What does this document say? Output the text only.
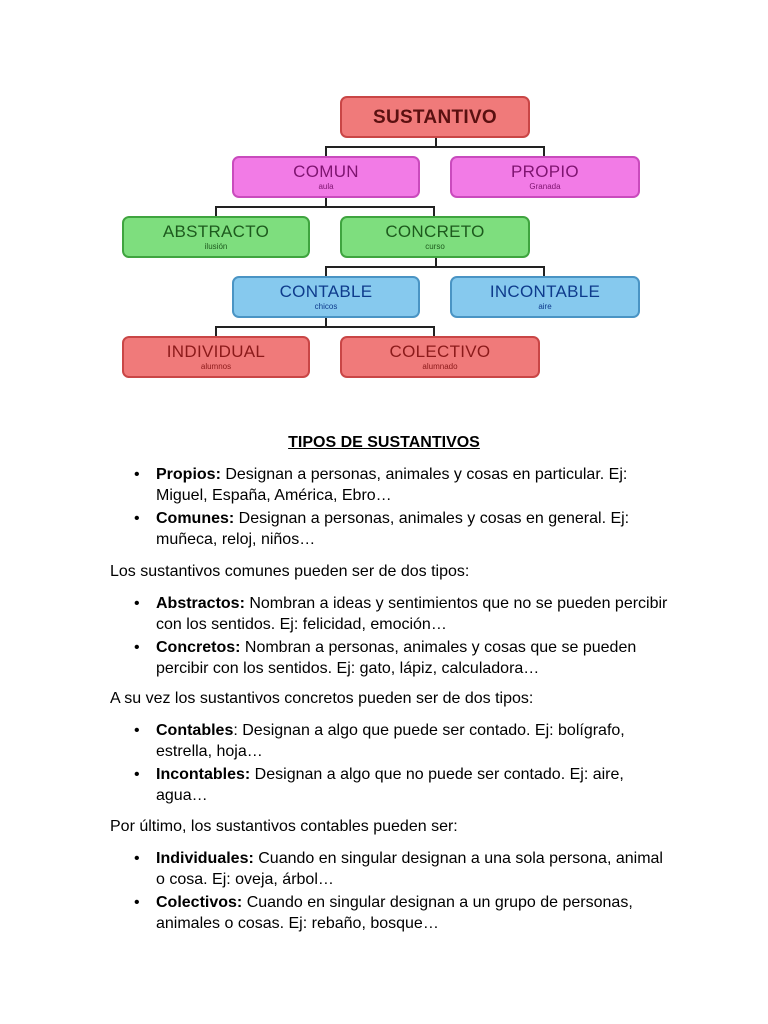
SUSTANTIVO
COMUN
aula
PROPIO
Granada
ABSTRACTO
ilusión
CONCRETO
curso
CONTABLE
chicos
INCONTABLE
aire
INDIVIDUAL
alumnos
COLECTIVO
alumnado
TIPOS DE SUSTANTIVOS
• Propios: Designan a personas, animales y cosas en particular. Ej: Miguel, España, América, Ebro…
• Comunes: Designan a personas, animales y cosas en general. Ej: muñeca, reloj, niños…
Los sustantivos comunes pueden ser de dos tipos:
• Abstractos: Nombran a ideas y sentimientos que no se pueden percibir con los sentidos. Ej: felicidad, emoción…
• Concretos: Nombran a personas, animales y cosas que se pueden percibir con los sentidos. Ej: gato, lápiz, calculadora…
A su vez los sustantivos concretos pueden ser de dos tipos:
• Contables: Designan a algo que puede ser contado. Ej: bolígrafo, estrella, hoja…
• Incontables: Designan a algo que no puede ser contado. Ej: aire, agua…
Por último, los sustantivos contables pueden ser:
• Individuales: Cuando en singular designan a una sola persona, animal o cosa. Ej: oveja, árbol…
• Colectivos: Cuando en singular designan a un grupo de personas, animales o cosas. Ej: rebaño, bosque…
